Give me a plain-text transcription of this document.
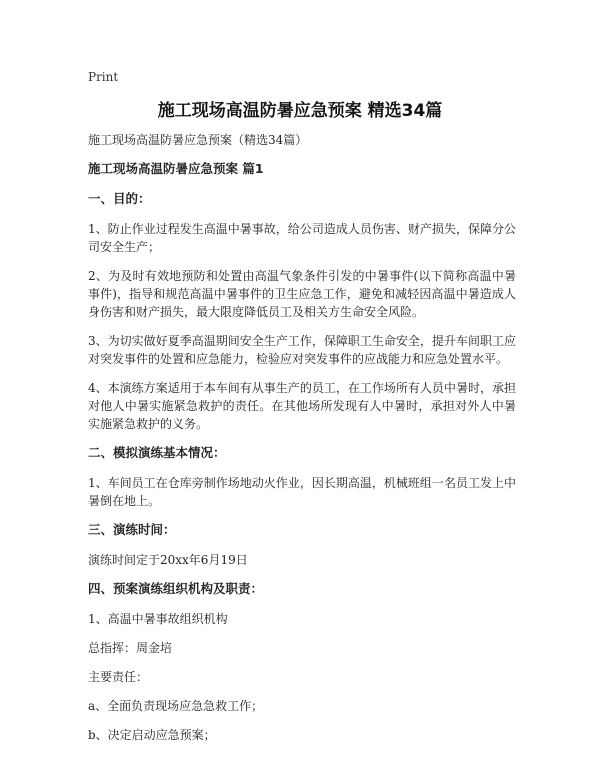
Print
施工现场高温防暑应急预案 精选34篇

施工现场高温防暑应急预案（精选34篇）

施工现场高温防暑应急预案 篇1

一、目的：

1、防止作业过程发生高温中暑事故，给公司造成人员伤害、财产损失，保障分公司安全生产；

2、为及时有效地预防和处置由高温气象条件引发的中暑事件(以下简称高温中暑事件)，指导和规范高温中暑事件的卫生应急工作，避免和减轻因高温中暑造成人身伤害和财产损失，最大限度降低员工及相关方生命安全风险。

3、为切实做好夏季高温期间安全生产工作，保障职工生命安全，提升车间职工应对突发事件的处置和应急能力，检验应对突发事件的应战能力和应急处置水平。

4、本演练方案适用于本车间有从事生产的员工，在工作场所有人员中暑时，承担对他人中暑实施紧急救护的责任。在其他场所发现有人中暑时，承担对外人中暑实施紧急救护的义务。

二、模拟演练基本情况：

1、车间员工在仓库旁制作场地动火作业，因长期高温，机械班组一名员工发上中暑倒在地上。

三、演练时间：

演练时间定于20xx年6月19日

四、预案演练组织机构及职责：

1、高温中暑事故组织机构

总指挥：周金培

主要责任：

a、全面负责现场应急急救工作；

b、决定启动应急预案；
